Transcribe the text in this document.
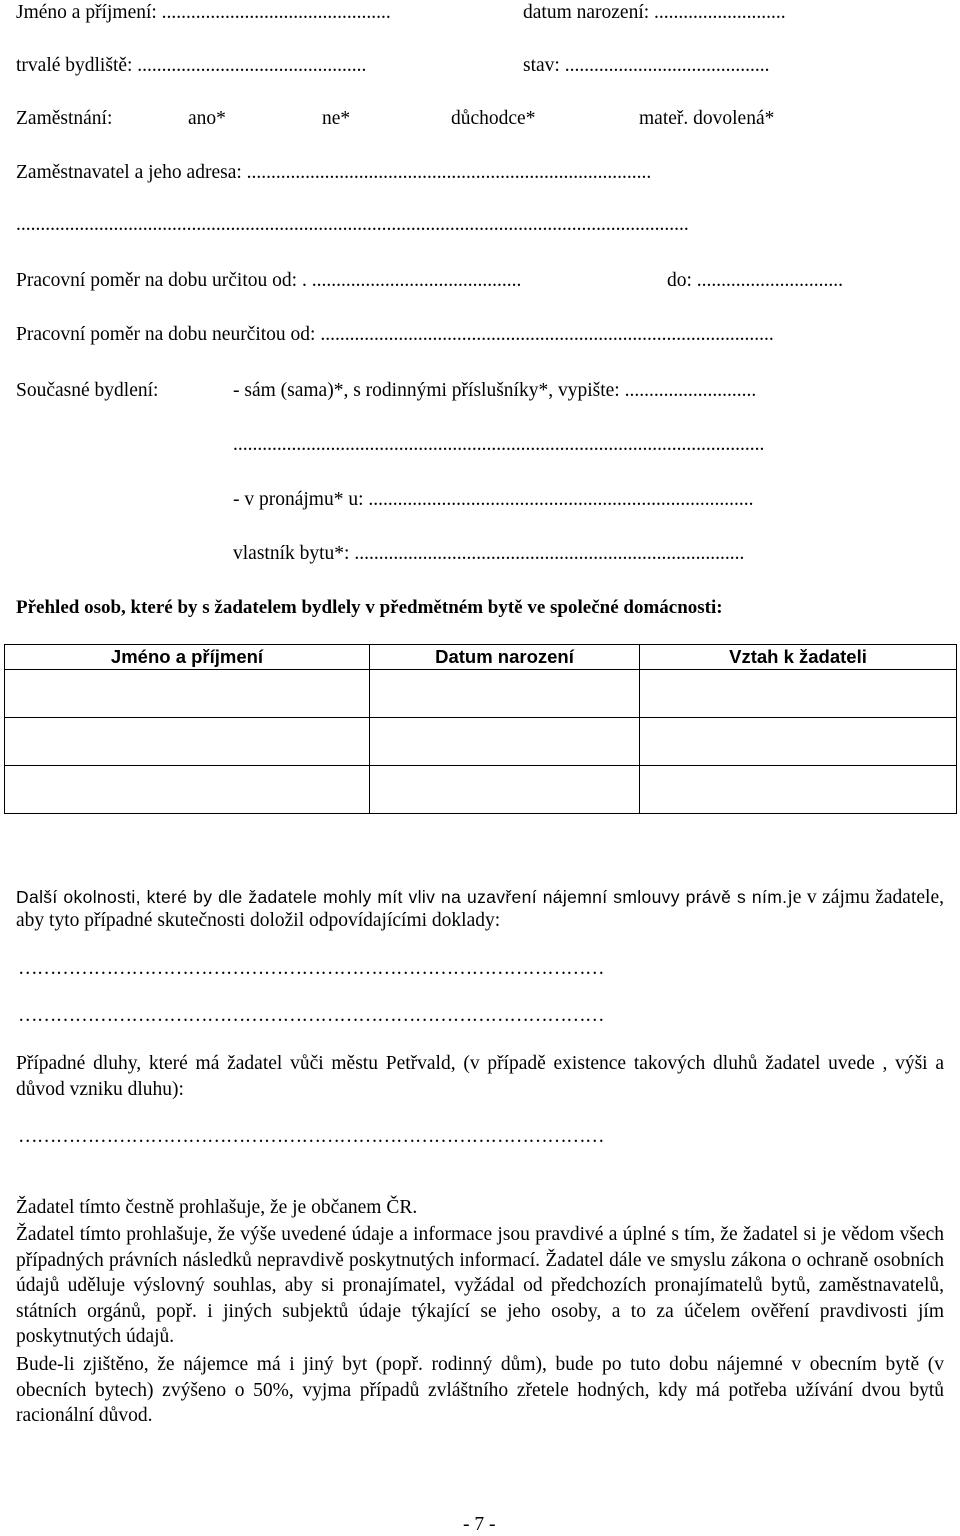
Jméno a příjmení: ...............................................	datum narození: ...........................
trvalé bydliště: ...............................................	stav: ..........................................
Zaměstnání:	ano*	ne*	důchodce*	mateř. dovolená*
Zaměstnavatel a jeho adresa: ...................................................................................
..........................................................................................................................................
Pracovní poměr na dobu určitou od: . ...........................................	do: ..............................
Pracovní poměr na dobu neurčitou od: .............................................................................................
Současné bydlení:	- sám (sama)*, s rodinnými příslušníky*, vypište: ...........................
.............................................................................................................
- v pronájmu* u: ...............................................................................
vlastník bytu*: ................................................................................
Přehled osob, které by s žadatelem bydlely v předmětném bytě ve společné domácnosti:
Jméno a příjmení	Datum narození	Vztah k žadateli

Další okolnosti, které by dle žadatele mohly mít vliv na uzavření nájemní smlouvy právě s ním.je v zájmu žadatele, aby tyto případné skutečnosti doložil odpovídajícími doklady:

…………………………………………………………………………………
…………………………………………………………………………………

Případné dluhy, které má žadatel vůči městu Petřvald, (v případě existence takových dluhů žadatel uvede , výši a důvod vzniku dluhu):

…………………………………………………………………………………
Žadatel tímto čestně prohlašuje, že je občanem ČR.

Žadatel tímto prohlašuje, že výše uvedené údaje a informace jsou pravdivé a úplné s tím, že žadatel si je vědom všech případných právních následků nepravdivě poskytnutých informací. Žadatel dále ve smyslu zákona o ochraně osobních údajů uděluje výslovný souhlas, aby si pronajímatel, vyžádal od předchozích pronajímatelů bytů, zaměstnavatelů, státních orgánů, popř. i jiných subjektů údaje týkající se jeho osoby, a to za účelem ověření pravdivosti jím poskytnutých údajů.

Bude-li zjištěno, že nájemce má i jiný byt (popř. rodinný dům), bude po tuto dobu nájemné v obecním bytě (v obecních bytech) zvýšeno o 50%, vyjma případů zvláštního zřetele hodných, kdy má potřeba užívání dvou bytů racionální důvod.

- 7 -
